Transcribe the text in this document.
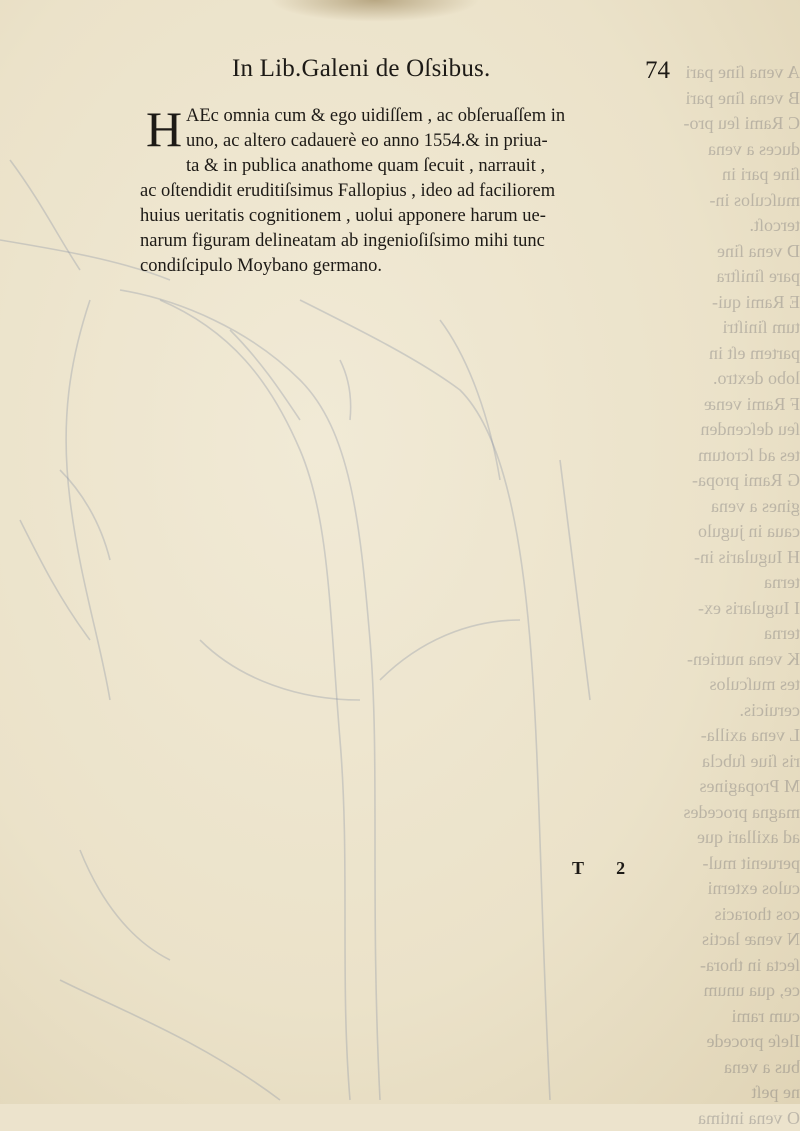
A vena ſine pari
B vena ſine pari
C Rami ſeu pro-
duces a vena
ſine pari in
muſculos in-
tercoſt.
D vena ſine
pare ſiniſtra
E Rami qui-
tum ſiniſtri
partem eſt in
lobo dextro.
F Rami venæ
ſeu deſcenden
tes ad ſcrotum
G Rami propa-
gines a vena
caua in jugulo
H Iugularis in-
terna
I Iugularis ex-
terna
K vena nutrien-
tes muſculos
ceruicis.
L vena axilla-
ris ſiue ſubcla
M Propagines
magna procedes
ad axillari que
peruenit mul-
culos externi
cos thoracis
N venæ lactis
ſecta in thora-
ce, qua unum
cum rami
Ileſe procede
bus a vena
ne peſt
O vena intima
In Lib.Galeni de Oſsibus.	74
H AEc omnia cum & ego uidiſſem , ac obſeruaſſem in
uno, ac altero cadauerè eo anno 1554.& in priua-
ta & in publica anathome quam ſecuit , narrauit ,
ac oſtendidit eruditiſsimus Fallopius , ideo ad faciliorem
huius ueritatis cognitionem , uolui apponere harum ue-
narum figuram delineatam ab ingenioſiſsimo mihi tunc
condiſcipulo Moybano germano.
T 2
